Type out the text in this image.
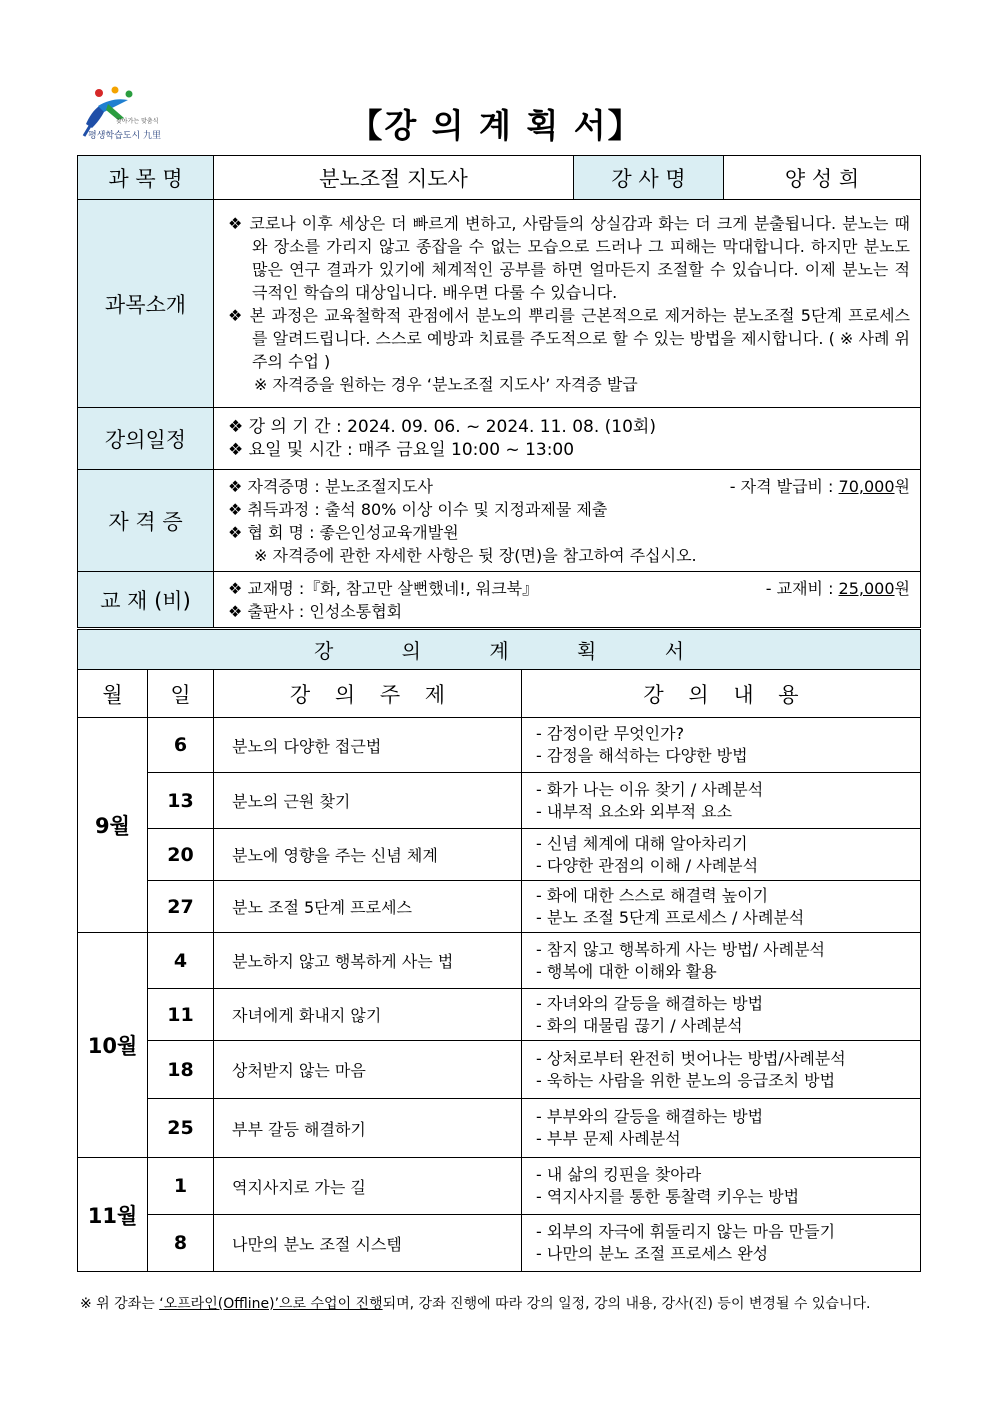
찾아가는 맞춤식
평생학습도시 九里	【강 의 계 획 서】
과 목 명	분노조절 지도사	강 사 명	양 성 희
과목소개	❖ 코로나 이후 세상은 더 빠르게 변하고, 사람들의 상실감과 화는 더 크게 분출됩니다. 분노는 때와 장소를 가리지 않고 종잡을 수 없는 모습으로 드러나 그 피해는 막대합니다. 하지만 분노도 많은 연구 결과가 있기에 체계적인 공부를 하면 얼마든지 조절할 수 있습니다. 이제 분노는 적극적인 학습의 대상입니다. 배우면 다룰 수 있습니다.
❖ 본 과정은 교육철학적 관점에서 분노의 뿌리를 근본적으로 제거하는 분노조절 5단계 프로세스를 알려드립니다. 스스로 예방과 치료를 주도적으로 할 수 있는 방법을 제시합니다. ( ※ 사례 위주의 수업 )
※ 자격증을 원하는 경우 ‘분노조절 지도사’ 자격증 발급		

강의일정	❖ 강 의 기 간 : 2024. 09. 06. ~ 2024. 11. 08. (10회)
❖ 요일 및 시간 : 매주 금요일 10:00 ~ 13:00		

자 격 증	❖ 자격증명 : 분노조절지도사 - 자격 발급비 : 70,000원
❖ 취득과정 : 출석 80% 이상 이수 및 지정과제물 제출
❖ 협 회 명 : 좋은인성교육개발원
※ 자격증에 관한 자세한 사항은 뒷 장(면)을 참고하여 주십시오.		

교 재 (비)	❖ 교재명 :『화, 참고만 살뻔했네!, 워크북』 - 교재비 : 25,000원
❖ 출판사 : 인성소통협회		
강 의 계 획 서			
월	일	강 의 주 제	강 의 내 용
9월	6	분노의 다양한 접근법	- 감정이란 무엇인가?
- 감정을 해석하는 다양한 방법

	13	분노의 근원 찾기	- 화가 나는 이유 찾기 / 사례분석
- 내부적 요소와 외부적 요소

	20	분노에 영향을 주는 신념 체계	- 신념 체계에 대해 알아차리기
- 다양한 관점의 이해 / 사례분석

	27	분노 조절 5단계 프로세스	- 화에 대한 스스로 해결력 높이기
- 분노 조절 5단계 프로세스 / 사례분석

10월	4	분노하지 않고 행복하게 사는 법	- 참지 않고 행복하게 사는 방법/ 사례분석
- 행복에 대한 이해와 활용

	11	자녀에게 화내지 않기	- 자녀와의 갈등을 해결하는 방법
- 화의 대물림 끊기 / 사례분석

	18	상처받지 않는 마음	- 상처로부터 완전히 벗어나는 방법/사례분석
- 욱하는 사람을 위한 분노의 응급조치 방법

	25	부부 갈등 해결하기	- 부부와의 갈등을 해결하는 방법
- 부부 문제 사례분석

11월	1	역지사지로 가는 길	- 내 삶의 킹핀을 찾아라
- 역지사지를 통한 통찰력 키우는 방법

	8	나만의 분노 조절 시스템	- 외부의 자극에 휘둘리지 않는 마음 만들기
- 나만의 분노 조절 프로세스 완성
※ 위 강좌는 ‘오프라인(Offline)’으로 수업이 진행되며, 강좌 진행에 따라 강의 일정, 강의 내용, 강사(진) 등이 변경될 수 있습니다.
